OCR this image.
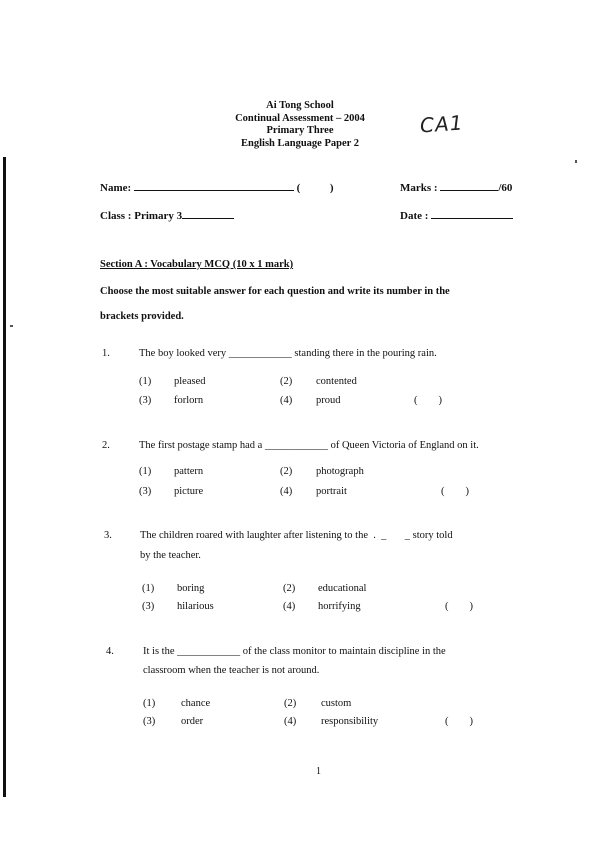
Ai Tong School
Continual Assessment – 2004
Primary Three
English Language Paper 2
CA1
Name:	(	)	Marks :	/60
Class : Primary 3	Date :
Section A : Vocabulary MCQ (10 x 1 mark)
Choose the most suitable answer for each question and write its number in the
brackets provided.
1.	The boy looked very ____________ standing there in the pouring rain.
(1) pleased	(2) contented
(3) forlorn	(4) proud	(        )
2.	The first postage stamp had a ____________ of Queen Victoria of England on it.
(1) pattern	(2) photograph
(3) picture	(4) portrait	(        )
3.	The children roared with laughter after listening to the  .  _       _ story told
by the teacher.
(1) boring	(2) educational
(3) hilarious	(4) horrifying	(        )
4.	It is the ____________ of the class monitor to maintain discipline in the
classroom when the teacher is not around.
(1) chance	(2) custom
(3) order	(4) responsibility	(        )
1
